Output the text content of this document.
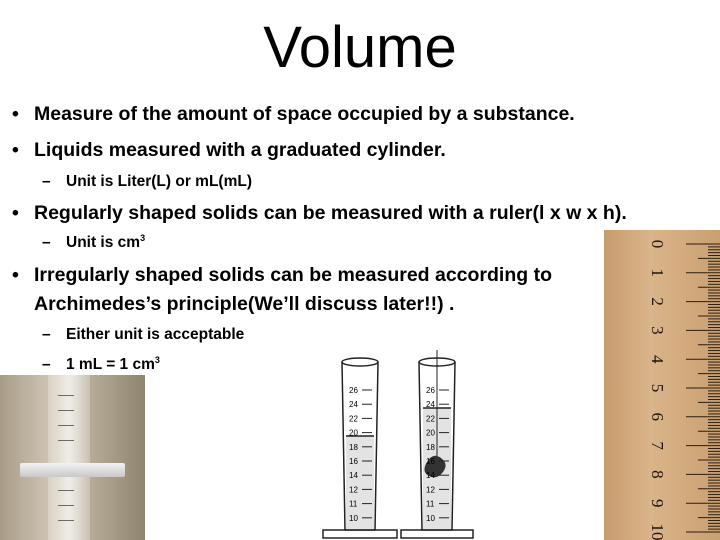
Volume
• Measure of the amount of space occupied by a substance.
• Liquids measured with a graduated cylinder.
– Unit is Liter(L) or mL(mL)
• Regularly shaped solids can be measured with a ruler(l x w x h).
– Unit is $cm^3$
• Irregularly shaped solids can be measured according to
Archimedes’s principle(We’ll discuss later!!) .
– Either unit is acceptable
– 1 mL = 1 $cm^3$
26
24
22
20
18
16
14
12
11
10
26
24
22
20
18
16
14
12
11
10
0
1
2
3
4
5
6
7
8
9
10
